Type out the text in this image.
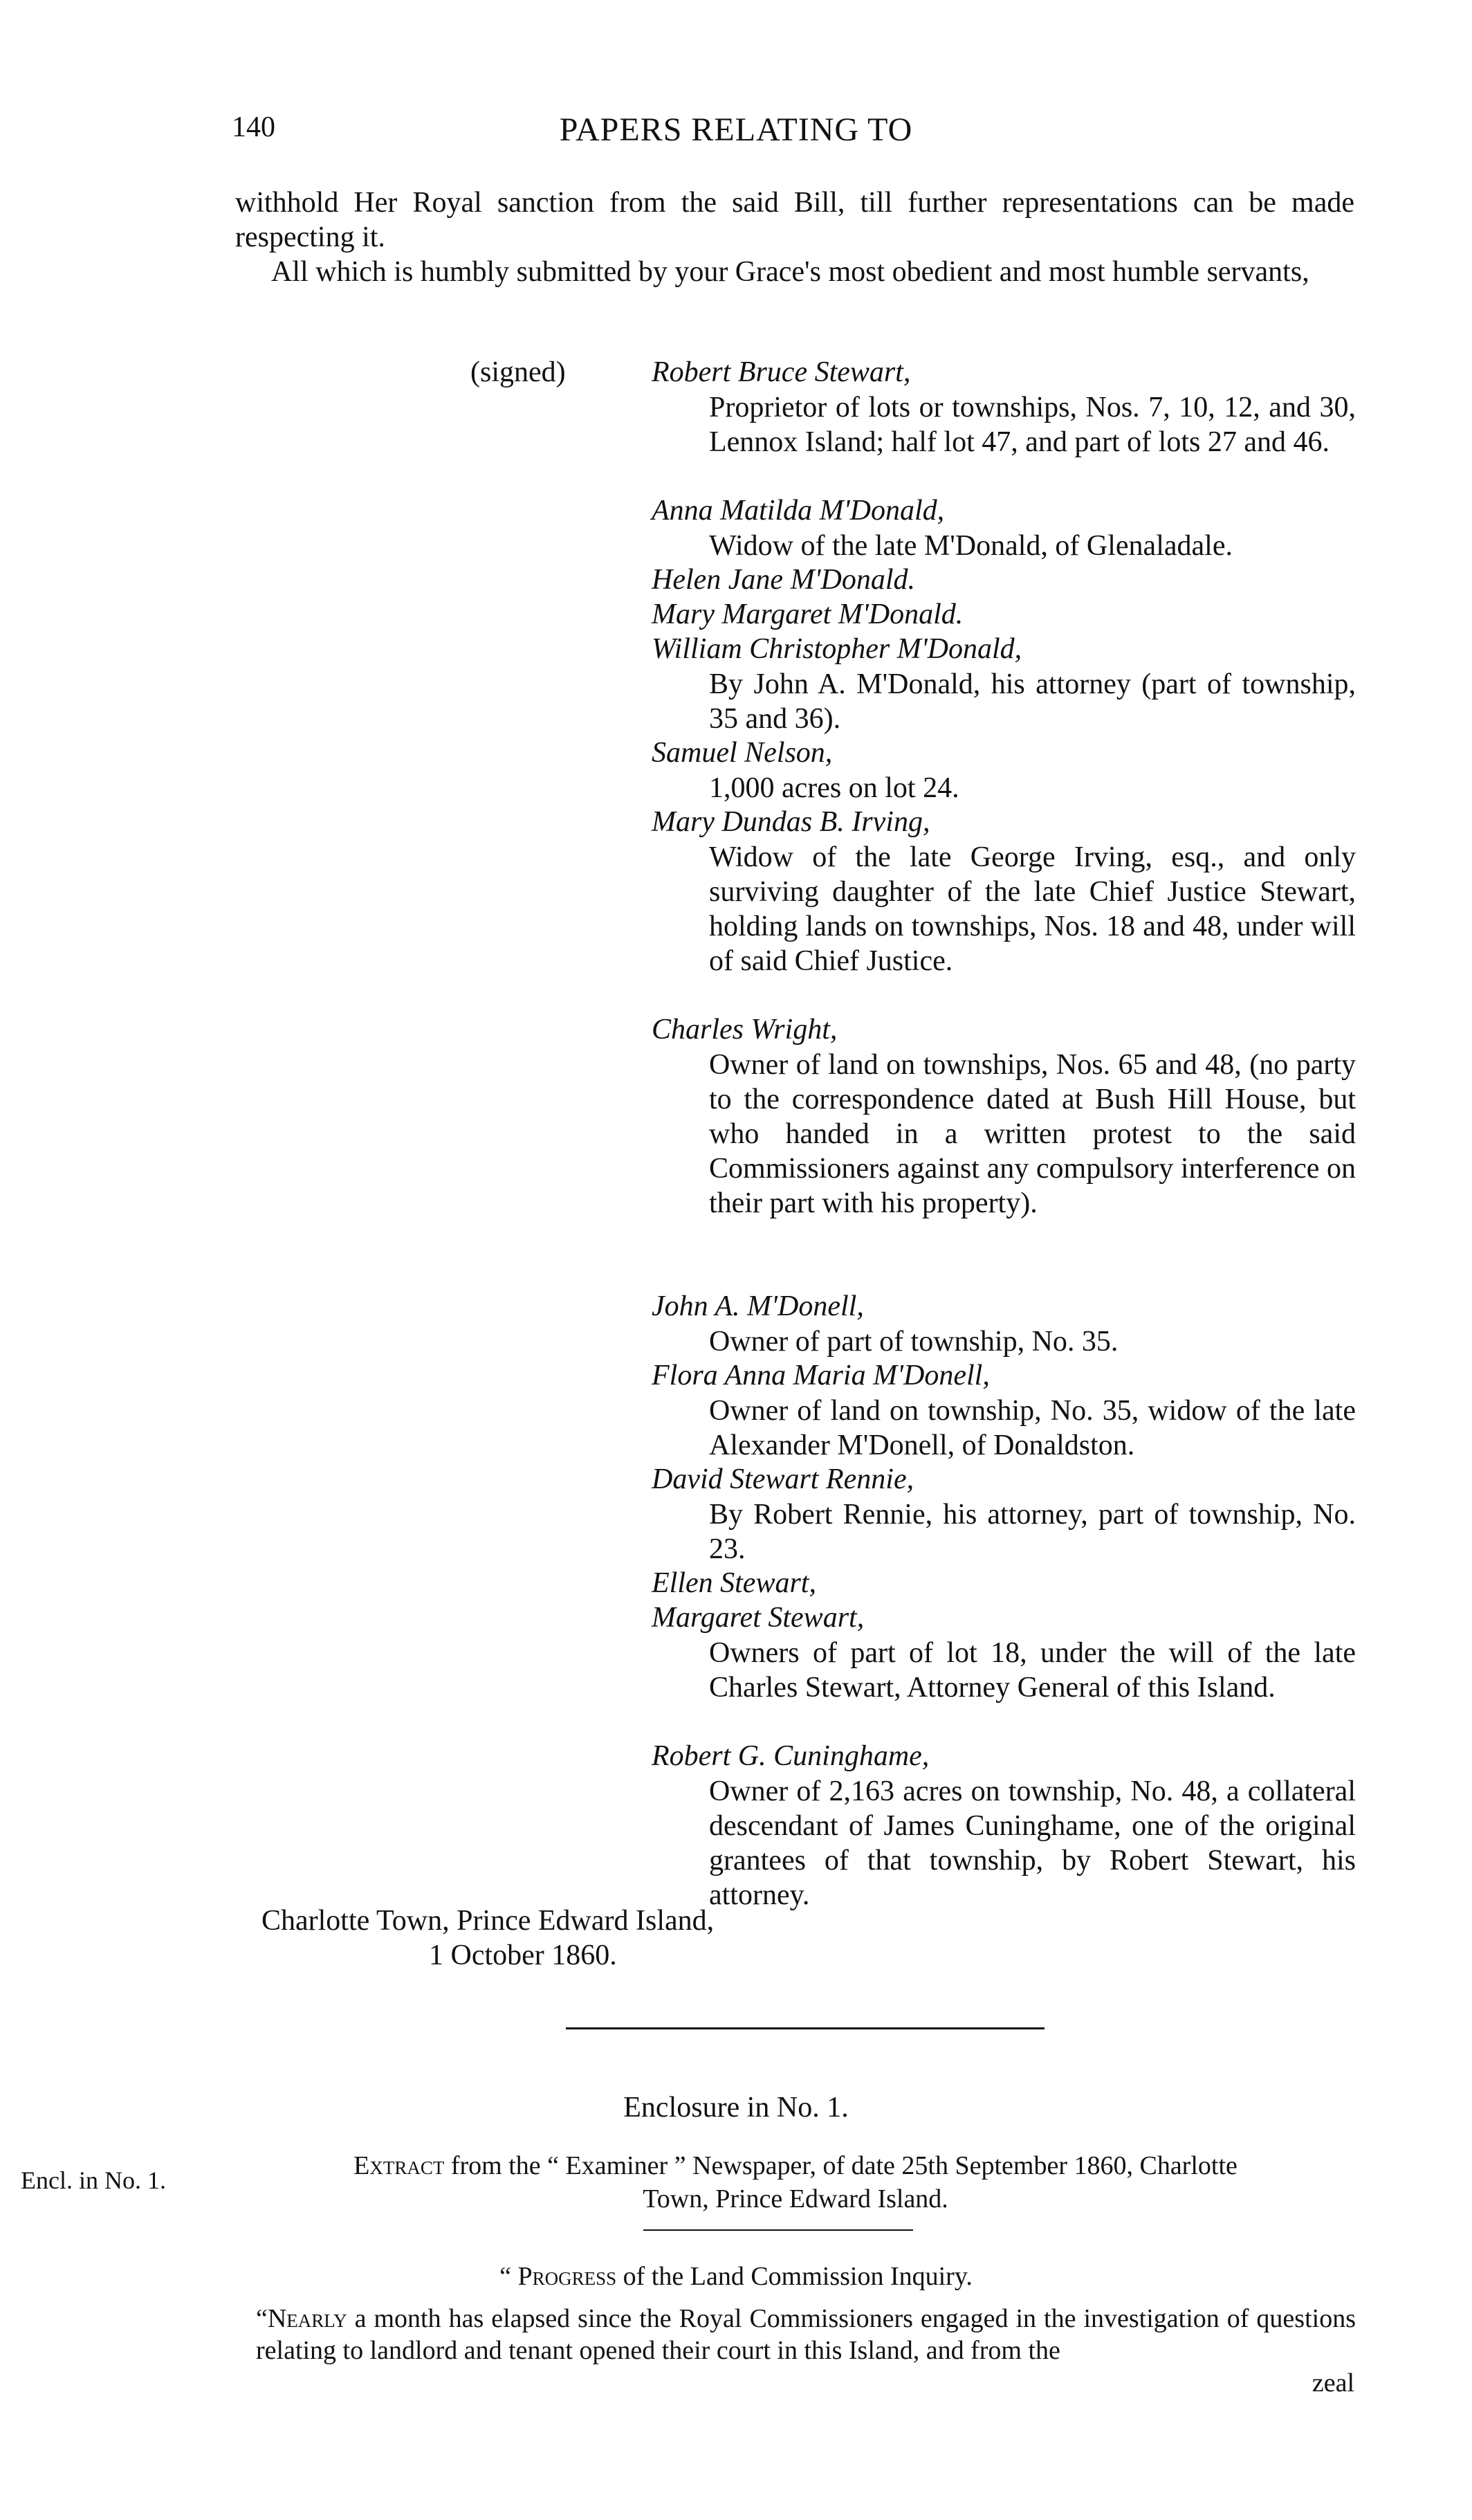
140	PAPERS RELATING TO
withhold Her Royal sanction from the said Bill, till further representations can be made respecting it.
All which is humbly submitted by your Grace's most obedient and most humble servants,
(signed)	Robert Bruce Stewart,
Proprietor of lots or townships, Nos. 7, 10, 12, and 30, Lennox Island; half lot 47, and part of lots 27 and 46.
Anna Matilda M'Donald,
Widow of the late M'Donald, of Glenaladale.
Helen Jane M'Donald.
Mary Margaret M'Donald.
William Christopher M'Donald,
By John A. M'Donald, his attorney (part of township, 35 and 36).
Samuel Nelson,
1,000 acres on lot 24.
Mary Dundas B. Irving,
Widow of the late George Irving, esq., and only surviving daughter of the late Chief Justice Stewart, holding lands on townships, Nos. 18 and 48, under will of said Chief Justice.
Charles Wright,
Owner of land on townships, Nos. 65 and 48, (no party to the correspondence dated at Bush Hill House, but who handed in a written protest to the said Commissioners against any compulsory interference on their part with his property).
John A. M'Donell,
Owner of part of township, No. 35.
Flora Anna Maria M'Donell,
Owner of land on township, No. 35, widow of the late Alexander M'Donell, of Donaldston.
David Stewart Rennie,
By Robert Rennie, his attorney, part of township, No. 23.
Ellen Stewart,
Margaret Stewart,
Owners of part of lot 18, under the will of the late Charles Stewart, Attorney General of this Island.
Robert G. Cuninghame,
Owner of 2,163 acres on township, No. 48, a collateral descendant of James Cuninghame, one of the original grantees of that township, by Robert Stewart, his attorney.
Charlotte Town, Prince Edward Island,
1 October 1860.
Enclosure in No. 1.
Encl. in No. 1.	Extract from the “ Examiner ” Newspaper, of date 25th September 1860, Charlotte Town, Prince Edward Island.
“ Progress of the Land Commission Inquiry.
“Nearly a month has elapsed since the Royal Commissioners engaged in the investigation of questions relating to landlord and tenant opened their court in this Island, and from the
zeal
